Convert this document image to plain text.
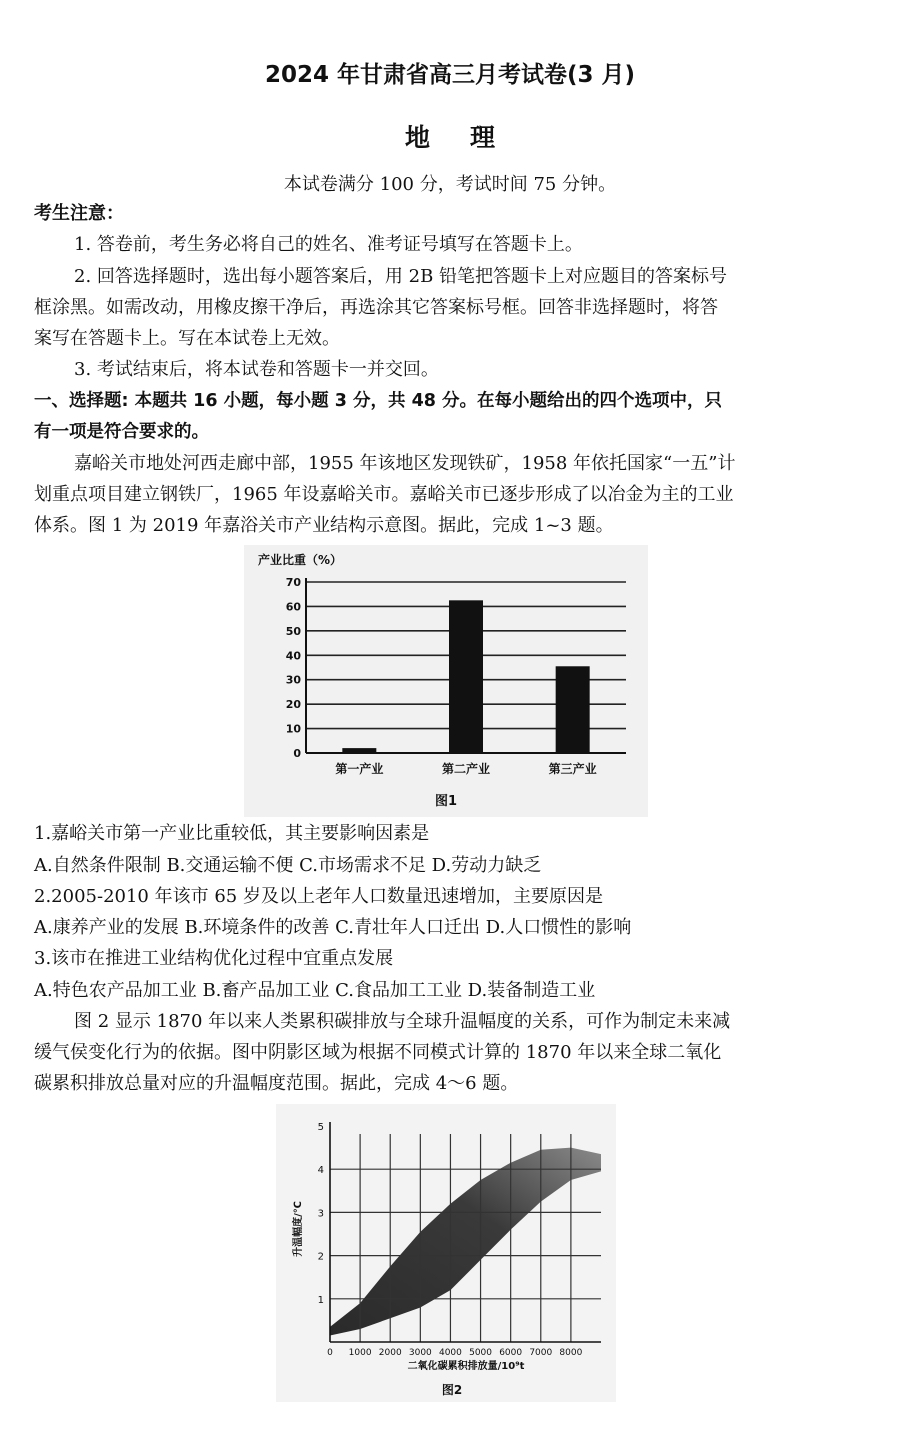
2024 年甘肃省高三月考试卷(3 月)
地理
本试卷满分 100 分，考试时间 75 分钟。
考生注意：
1. 答卷前，考生务必将自己的姓名、准考证号填写在答题卡上。
2. 回答选择题时，选出每小题答案后，用 2B 铅笔把答题卡上对应题目的答案标号
框涂黑。如需改动，用橡皮擦干净后，再选涂其它答案标号框。回答非选择题时，将答
案写在答题卡上。写在本试卷上无效。
3. 考试结束后，将本试卷和答题卡一并交回。
一、选择题: 本题共 16 小题，每小题 3 分，共 48 分。在每小题给出的四个选项中，只
有一项是符合要求的。
嘉峪关市地处河西走廊中部，1955 年该地区发现铁矿，1958 年依托国家“一五”计
划重点项目建立钢铁厂，1965 年设嘉峪关市。嘉峪关市已逐步形成了以冶金为主的工业
体系。图 1 为 2019 年嘉浴关市产业结构示意图。据此，完成 1~3 题。
产业比重（%）
图1
0
10
20
30
40
50
60
70
第一产业	第二产业	第三产业
1.嘉峪关市第一产业比重较低，其主要影响因素是
A.自然条件限制 B.交通运输不便 C.市场需求不足 D.劳动力缺乏
2.2005-2010 年该市 65 岁及以上老年人口数量迅速增加，主要原因是
A.康养产业的发展 B.环境条件的改善 C.青壮年人口迁出 D.人口惯性的影响
3.该市在推进工业结构优化过程中宜重点发展
A.特色农产品加工业 B.畜产品加工业 C.食品加工工业 D.装备制造工业
图 2 显示 1870 年以来人类累积碳排放与全球升温幅度的关系，可作为制定未来减
缓气侯变化行为的依据。图中阴影区域为根据不同模式计算的 1870 年以来全球二氧化
碳累积排放总量对应的升温幅度范围。据此，完成 4～6 题。
二氧化碳累积排放量/10⁹t
升温幅度/℃
图2
1
2
3
4
5
0 1000 2000 3000 4000 5000 6000 7000 8000
